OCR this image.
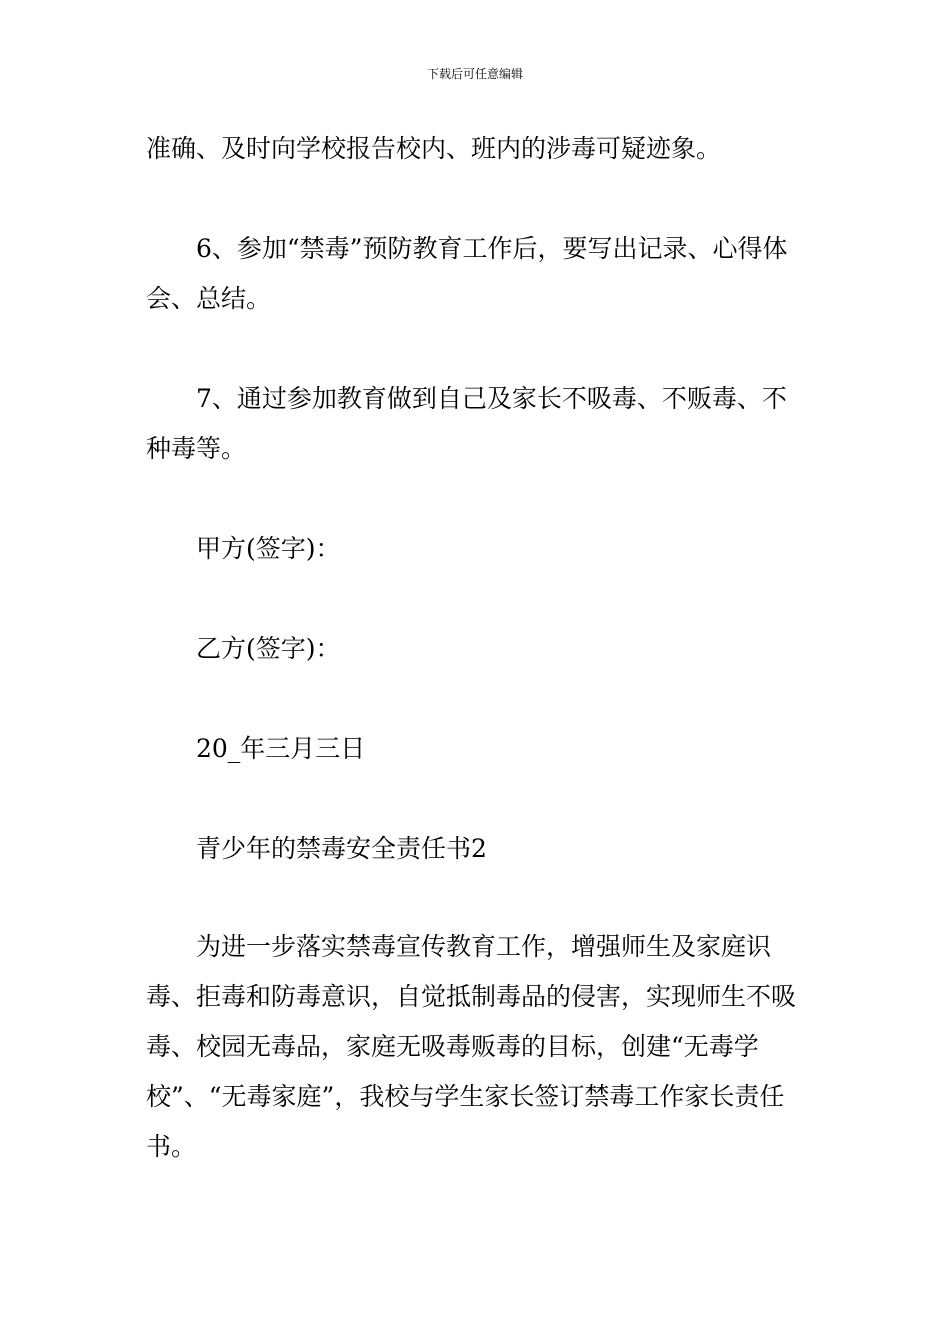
下载后可任意编辑

准确、及时向学校报告校内、班内的涉毒可疑迹象。

6、参加“禁毒”预防教育工作后，要写出记录、心得体会、总结。

7、通过参加教育做到自己及家长不吸毒、不贩毒、不种毒等。

甲方(签字)：

乙方(签字)：

20_年三月三日

青少年的禁毒安全责任书2

为进一步落实禁毒宣传教育工作，增强师生及家庭识毒、拒毒和防毒意识，自觉抵制毒品的侵害，实现师生不吸毒、校园无毒品，家庭无吸毒贩毒的目标，创建“无毒学校”、“无毒家庭”，我校与学生家长签订禁毒工作家长责任书。
